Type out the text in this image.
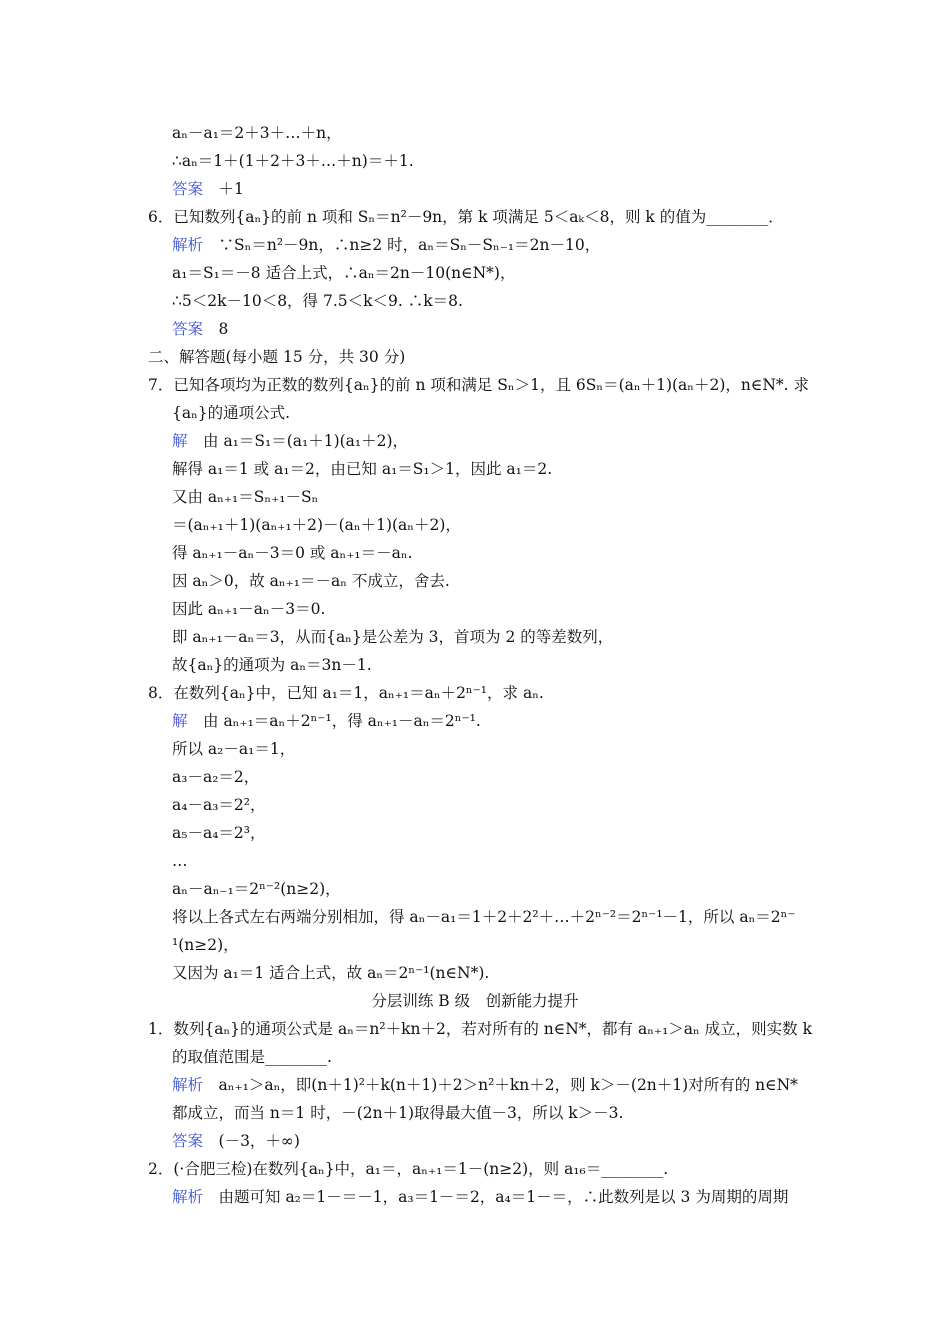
aₙ－a₁＝2＋3＋…＋n，
∴aₙ＝1＋(1＋2＋3＋…＋n)＝＋1.
答案　＋1
6．已知数列{aₙ}的前 n 项和 Sₙ＝n²－9n，第 k 项满足 5＜aₖ＜8，则 k 的值为________．
解析　∵Sₙ＝n²－9n，∴n≥2 时，aₙ＝Sₙ－Sₙ₋₁＝2n－10，
a₁＝S₁＝－8 适合上式，∴aₙ＝2n－10(n∈N*)，
∴5＜2k－10＜8，得 7.5＜k＜9. ∴k＝8.
答案　8
二、解答题(每小题 15 分，共 30 分)
7．已知各项均为正数的数列{aₙ}的前 n 项和满足 Sₙ＞1，且 6Sₙ＝(aₙ＋1)(aₙ＋2)，n∈N*. 求
{aₙ}的通项公式.
解　由 a₁＝S₁＝(a₁＋1)(a₁＋2)，
解得 a₁＝1 或 a₁＝2，由已知 a₁＝S₁＞1，因此 a₁＝2.
又由 aₙ₊₁＝Sₙ₊₁－Sₙ
＝(aₙ₊₁＋1)(aₙ₊₁＋2)－(aₙ＋1)(aₙ＋2)，
得 aₙ₊₁－aₙ－3＝0 或 aₙ₊₁＝－aₙ.
因 aₙ＞0，故 aₙ₊₁＝－aₙ 不成立，舍去.
因此 aₙ₊₁－aₙ－3＝0.
即 aₙ₊₁－aₙ＝3，从而{aₙ}是公差为 3，首项为 2 的等差数列，
故{aₙ}的通项为 aₙ＝3n－1.
8．在数列{aₙ}中，已知 a₁＝1，aₙ₊₁＝aₙ＋2ⁿ⁻¹，求 aₙ.
解　由 aₙ₊₁＝aₙ＋2ⁿ⁻¹，得 aₙ₊₁－aₙ＝2ⁿ⁻¹.
所以 a₂－a₁＝1，
a₃－a₂＝2，
a₄－a₃＝2²，
a₅－a₄＝2³，
…
aₙ－aₙ₋₁＝2ⁿ⁻²(n≥2)，
将以上各式左右两端分别相加，得 aₙ－a₁＝1＋2＋2²＋…＋2ⁿ⁻²＝2ⁿ⁻¹－1，所以 aₙ＝2ⁿ⁻
¹(n≥2)，
又因为 a₁＝1 适合上式，故 aₙ＝2ⁿ⁻¹(n∈N*).
分层训练 B 级　创新能力提升
1．数列{aₙ}的通项公式是 aₙ＝n²＋kn＋2，若对所有的 n∈N*，都有 aₙ₊₁＞aₙ 成立，则实数 k
的取值范围是________.
解析　aₙ₊₁＞aₙ，即(n＋1)²＋k(n＋1)＋2＞n²＋kn＋2，则 k＞－(2n＋1)对所有的 n∈N*
都成立，而当 n＝1 时，－(2n＋1)取得最大值－3，所以 k＞－3.
答案　(－3，＋∞)
2．(·合肥三检)在数列{aₙ}中，a₁＝，aₙ₊₁＝1－(n≥2)，则 a₁₆＝________.
解析　由题可知 a₂＝1－＝－1，a₃＝1－＝2，a₄＝1－＝，∴此数列是以 3 为周期的周期
